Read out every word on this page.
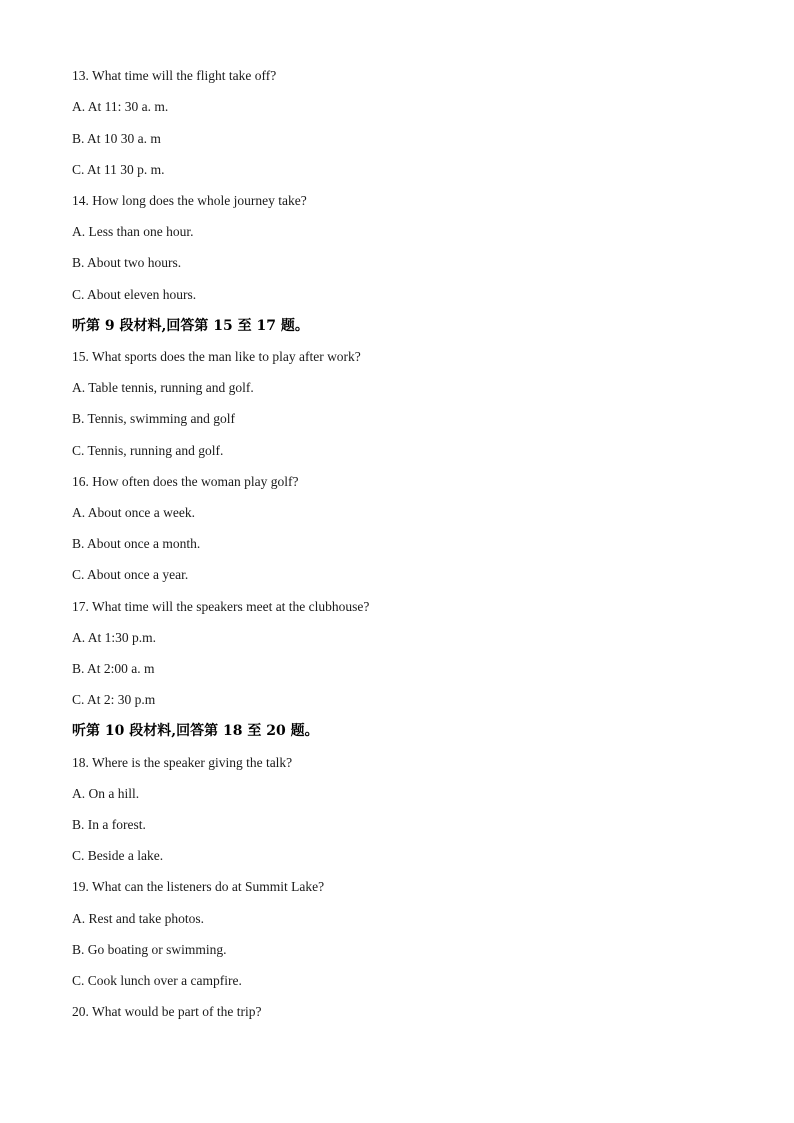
13. What time will the flight take off?

A. At 11: 30 a. m.

B. At 10 30 a. m

C. At 11 30 p. m.

14. How long does the whole journey take?

A. Less than one hour.

B. About two hours.

C. About eleven hours.

听第 9 段材料,回答第 15 至 17 题。

15. What sports does the man like to play after work?

A. Table tennis, running and golf.

B. Tennis, swimming and golf

C. Tennis, running and golf.

16. How often does the woman play golf?

A. About once a week.

B. About once a month.

C. About once a year.

17. What time will the speakers meet at the clubhouse?

A. At 1:30 p.m.

B. At 2:00 a. m

C. At 2: 30 p.m

听第 10 段材料,回答第 18 至 20 题。

18. Where is the speaker giving the talk?

A. On a hill.

B. In a forest.

C. Beside a lake.

19. What can the listeners do at Summit Lake?

A. Rest and take photos.

B. Go boating or swimming.

C. Cook lunch over a campfire.

20. What would be part of the trip?
